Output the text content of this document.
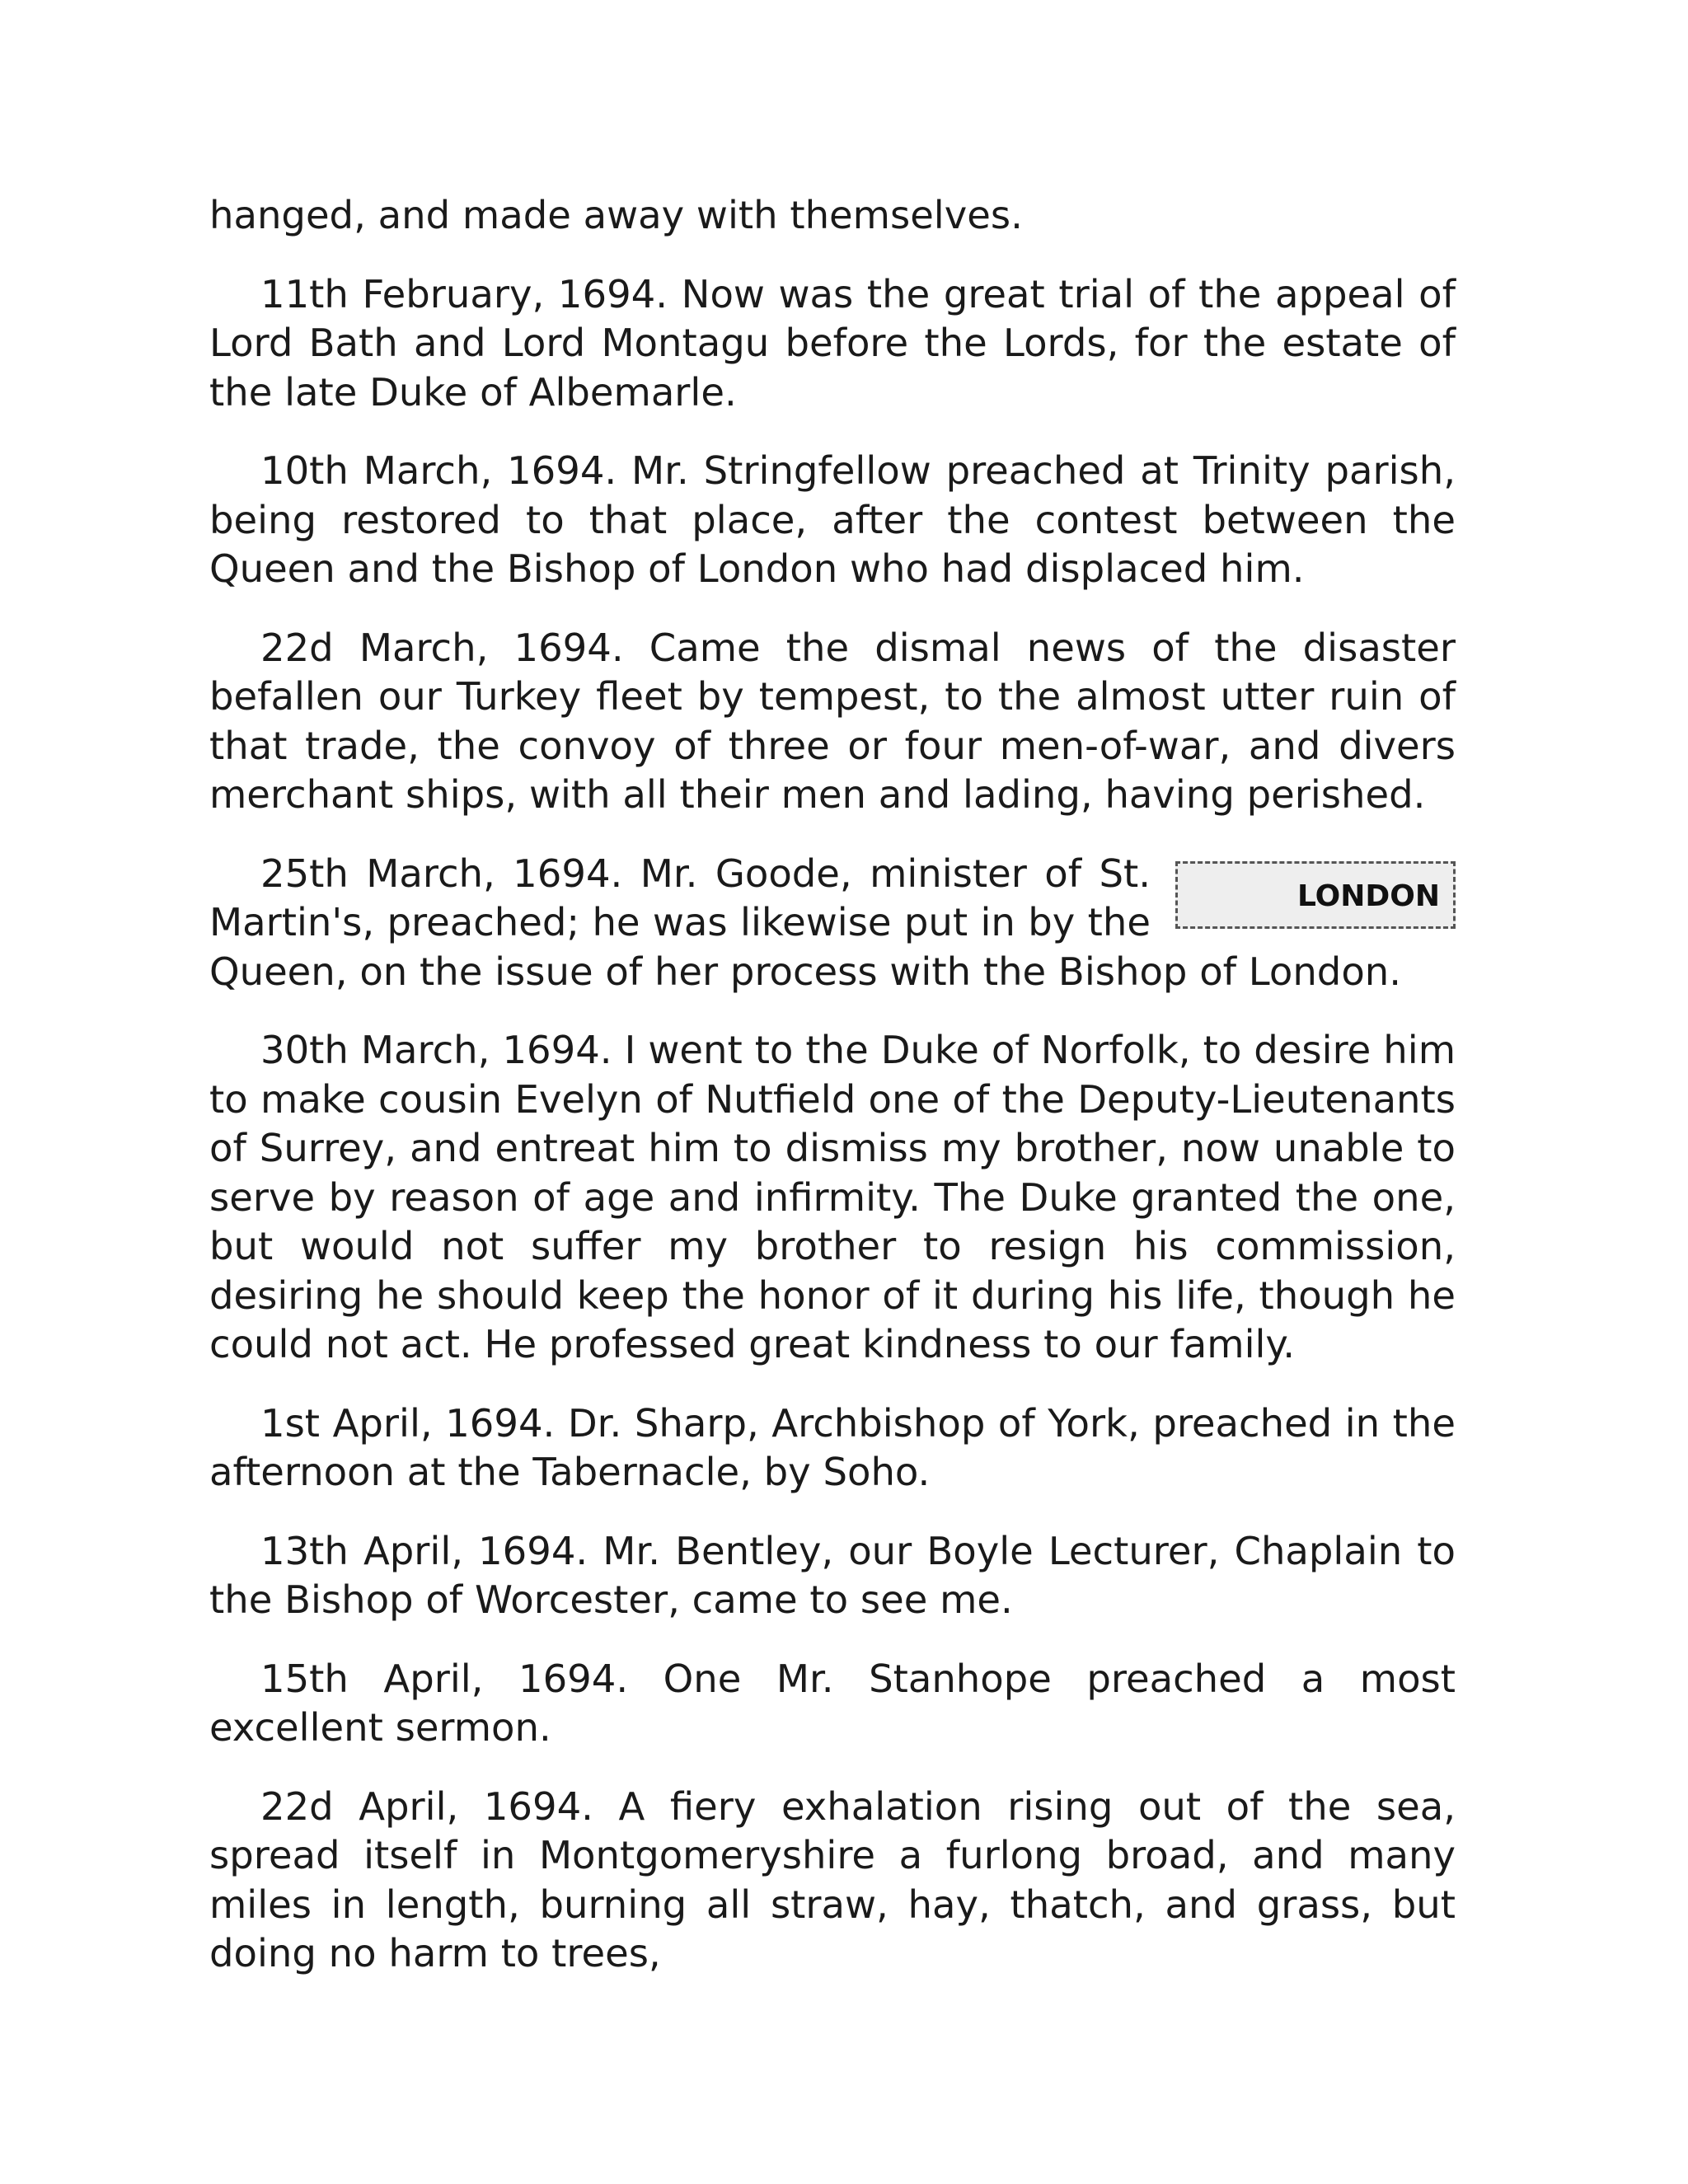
hanged, and made away with themselves.

11th February, 1694. Now was the great trial of the appeal of Lord Bath and Lord Montagu before the Lords, for the estate of the late Duke of Albemarle.

10th March, 1694. Mr. Stringfellow preached at Trinity parish, being restored to that place, after the contest between the Queen and the Bishop of London who had displaced him.

22d March, 1694. Came the dismal news of the disaster befallen our Turkey fleet by tempest, to the almost utter ruin of that trade, the convoy of three or four men-of-war, and divers merchant ships, with all their men and lading, having perished.

LONDON

25th March, 1694. Mr. Goode, minister of St. Martin's, preached; he was likewise put in by the Queen, on the issue of her process with the Bishop of London.

30th March, 1694. I went to the Duke of Norfolk, to desire him to make cousin Evelyn of Nutfield one of the Deputy-Lieutenants of Surrey, and entreat him to dismiss my brother, now unable to serve by reason of age and infirmity. The Duke granted the one, but would not suffer my brother to resign his commission, desiring he should keep the honor of it during his life, though he could not act. He professed great kindness to our family.

1st April, 1694. Dr. Sharp, Archbishop of York, preached in the afternoon at the Tabernacle, by Soho.

13th April, 1694. Mr. Bentley, our Boyle Lecturer, Chaplain to the Bishop of Worcester, came to see me.

15th April, 1694. One Mr. Stanhope preached a most excellent sermon.

22d April, 1694. A fiery exhalation rising out of the sea, spread itself in Montgomeryshire a furlong broad, and many miles in length, burning all straw, hay, thatch, and grass, but doing no harm to trees,
